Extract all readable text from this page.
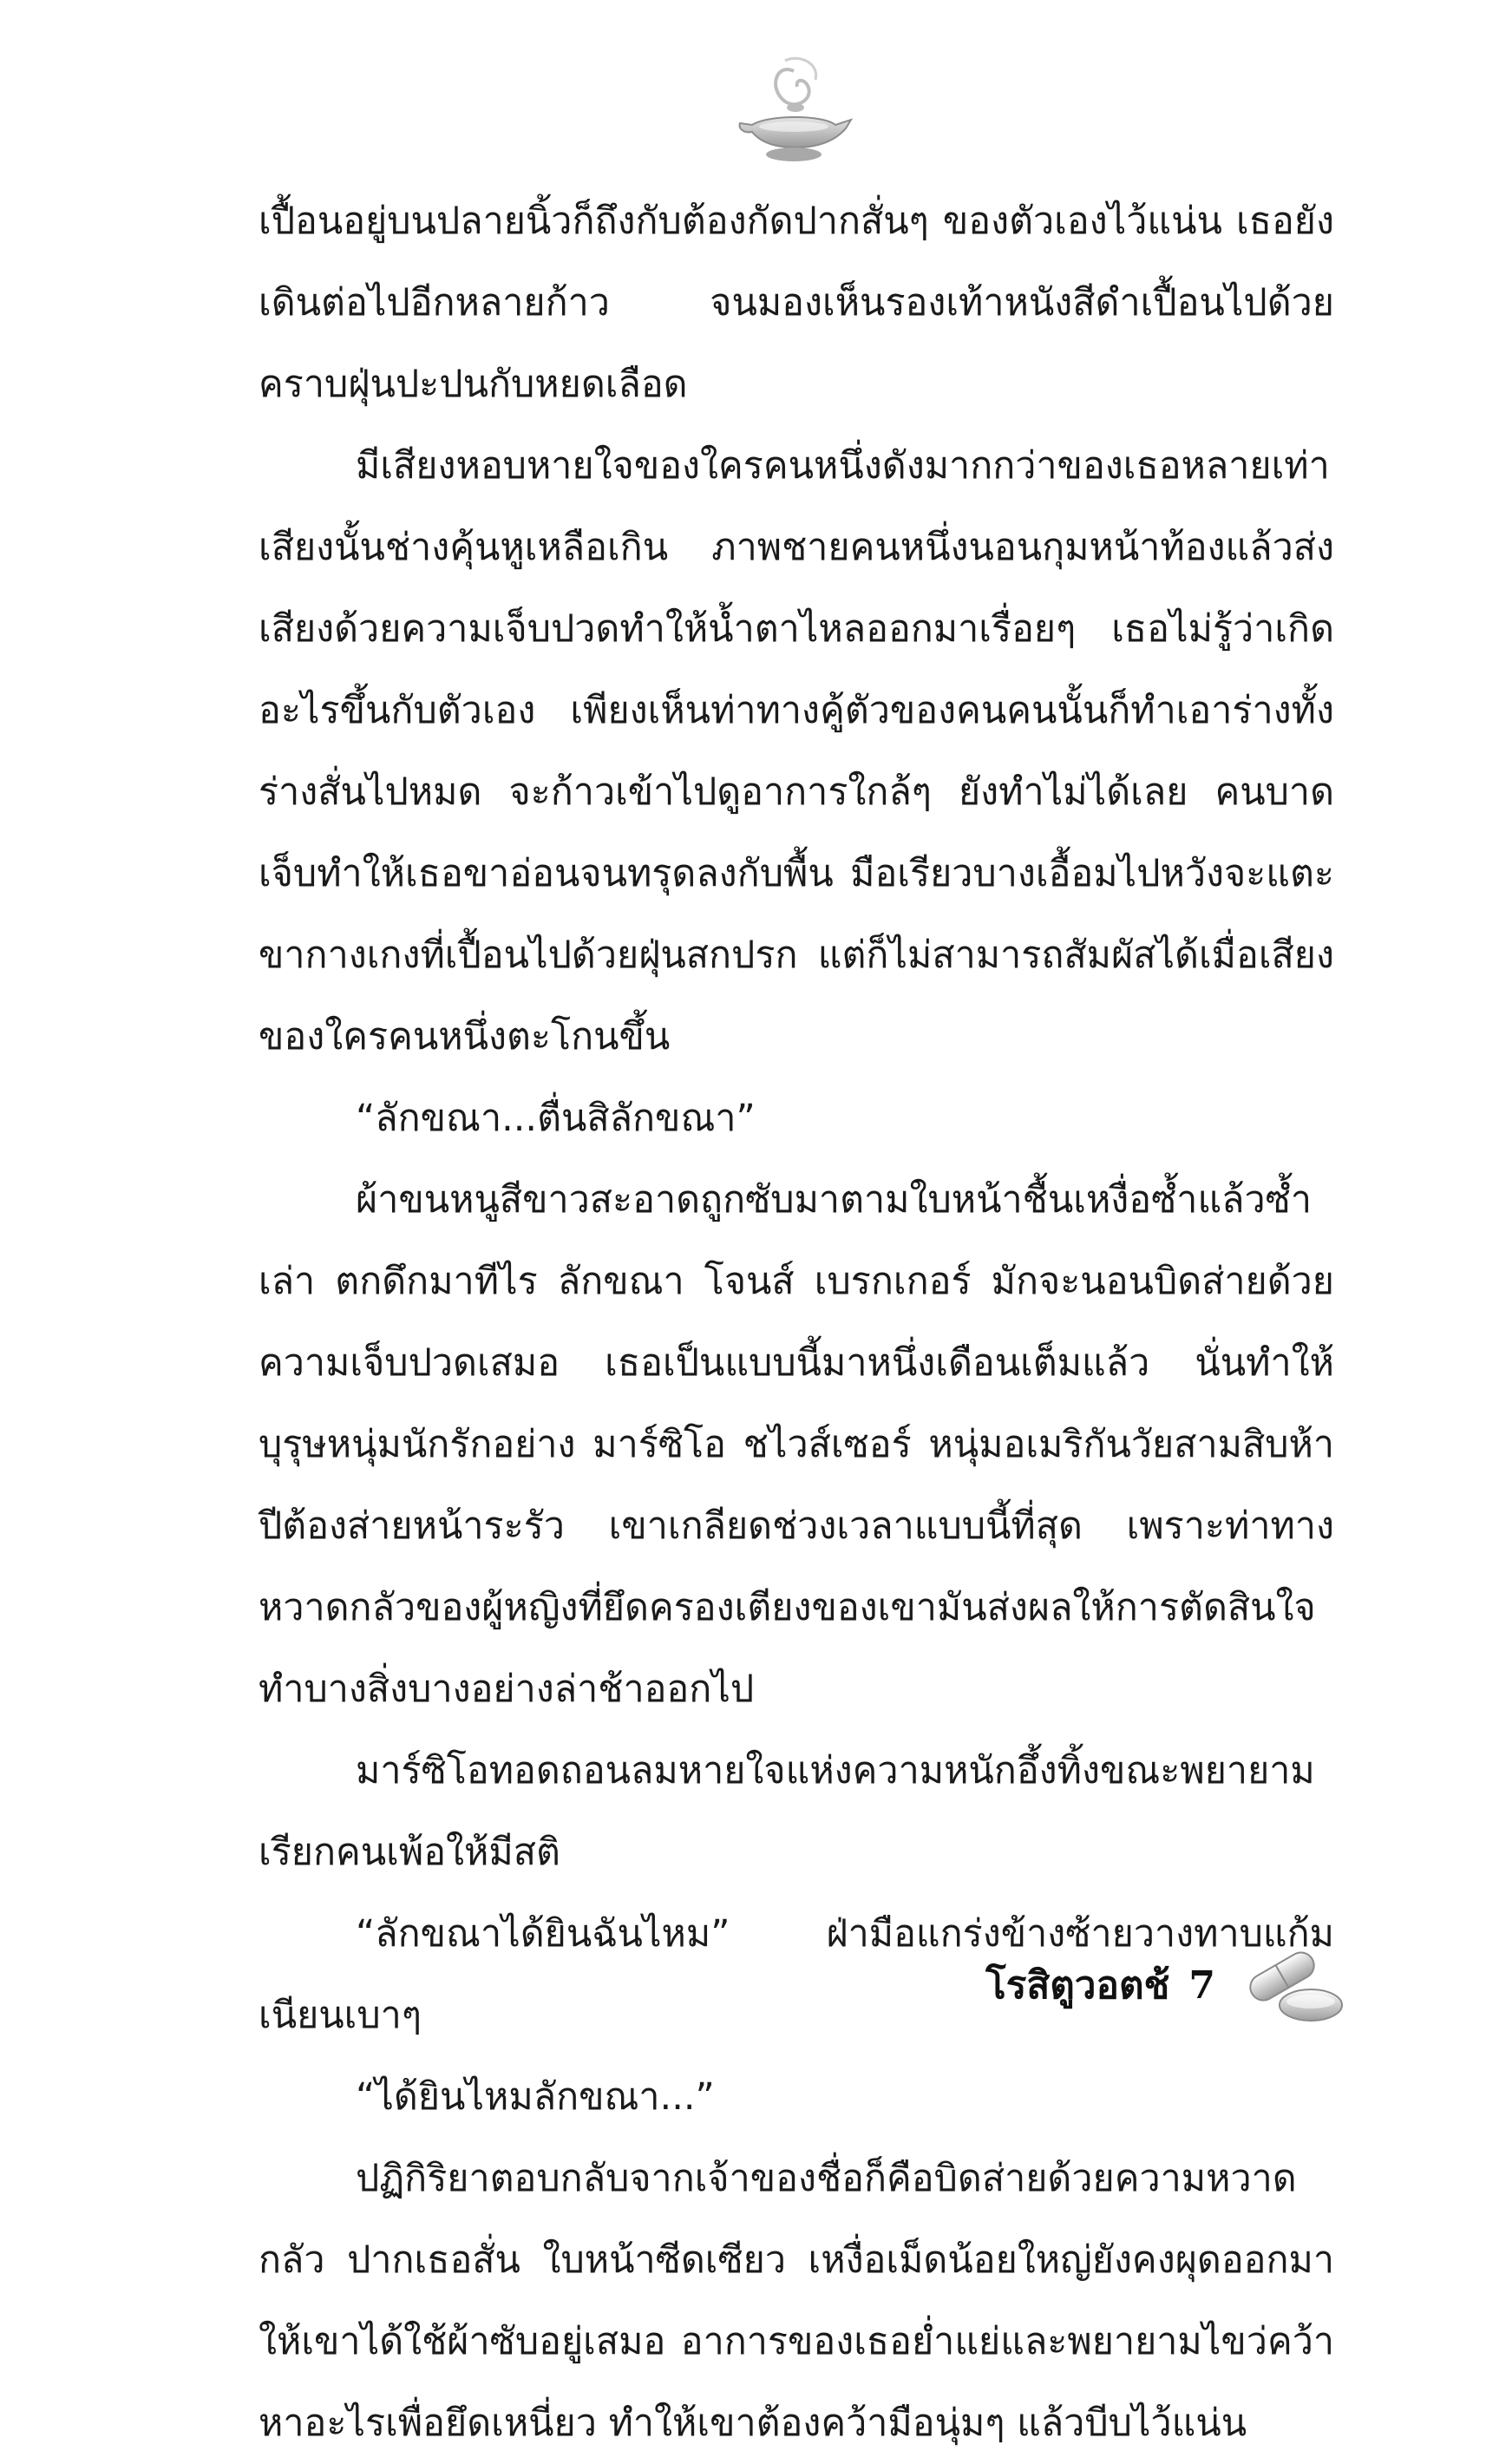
เปื้อนอยู่บนปลายนิ้วก็ถึงกับต้องกัดปากสั่นๆ ของตัวเองไว้แน่น เธอยังเดินต่อไปอีกหลายก้าว จนมองเห็นรองเท้าหนังสีดำเปื้อนไปด้วยคราบฝุ่นปะปนกับหยดเลือด

มีเสียงหอบหายใจของใครคนหนึ่งดังมากกว่าของเธอหลายเท่า เสียงนั้นช่างคุ้นหูเหลือเกิน ภาพชายคนหนึ่งนอนกุมหน้าท้องแล้วส่งเสียงด้วยความเจ็บปวดทำให้น้ำตาไหลออกมาเรื่อยๆ เธอไม่รู้ว่าเกิดอะไรขึ้นกับตัวเอง เพียงเห็นท่าทางคู้ตัวของคนคนนั้นก็ทำเอาร่างทั้งร่างสั่นไปหมด จะก้าวเข้าไปดูอาการใกล้ๆ ยังทำไม่ได้เลย คนบาดเจ็บทำให้เธอขาอ่อนจนทรุดลงกับพื้น มือเรียวบางเอื้อมไปหวังจะแตะขากางเกงที่เปื้อนไปด้วยฝุ่นสกปรก แต่ก็ไม่สามารถสัมผัสได้เมื่อเสียงของใครคนหนึ่งตะโกนขึ้น

“ลักขณา...ตื่นสิลักขณา”

ผ้าขนหนูสีขาวสะอาดถูกซับมาตามใบหน้าชื้นเหงื่อซ้ำแล้วซ้ำเล่า ตกดึกมาทีไร ลักขณา โจนส์ เบรกเกอร์ มักจะนอนบิดส่ายด้วยความเจ็บปวดเสมอ เธอเป็นแบบนี้มาหนึ่งเดือนเต็มแล้ว นั่นทำให้บุรุษหนุ่มนักรักอย่าง มาร์ซิโอ ชไวส์เซอร์ หนุ่มอเมริกันวัยสามสิบห้าปีต้องส่ายหน้าระรัว เขาเกลียดช่วงเวลาแบบนี้ที่สุด เพราะท่าทางหวาดกลัวของผู้หญิงที่ยึดครองเตียงของเขามันส่งผลให้การตัดสินใจทำบางสิ่งบางอย่างล่าช้าออกไป

มาร์ซิโอทอดถอนลมหายใจแห่งความหนักอึ้งทิ้งขณะพยายามเรียกคนเพ้อให้มีสติ

“ลักขณาได้ยินฉันไหม” ฝ่ามือแกร่งข้างซ้ายวางทาบแก้มเนียนเบาๆ

“ได้ยินไหมลักขณา...”

ปฏิกิริยาตอบกลับจากเจ้าของชื่อก็คือบิดส่ายด้วยความหวาดกลัว ปากเธอสั่น ใบหน้าซีดเซียว เหงื่อเม็ดน้อยใหญ่ยังคงผุดออกมาให้เขาได้ใช้ผ้าซับอยู่เสมอ อาการของเธอย่ำแย่และพยายามไขว่คว้าหาอะไรเพื่อยึดเหนี่ยว ทำให้เขาต้องคว้ามือนุ่มๆ แล้วบีบไว้แน่น

โรสิตูวอตช้ 7
